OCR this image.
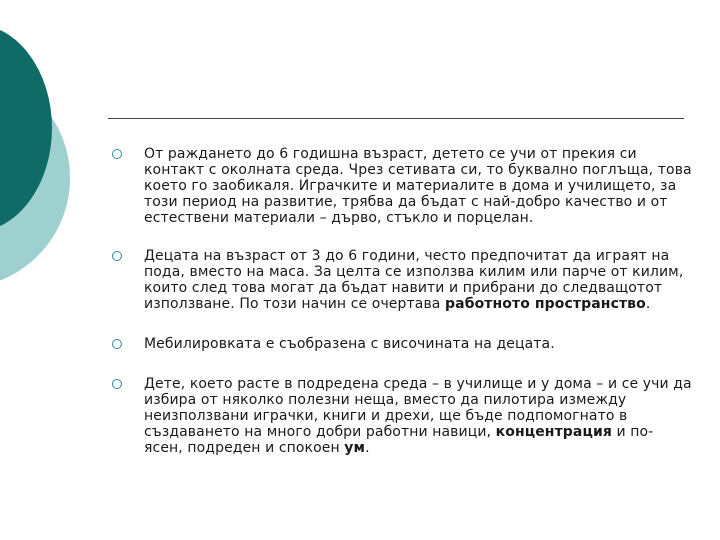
От раждането до 6 годишна възраст, детето се учи от прекия си контакт с околната среда. Чрез сетивата си, то буквално поглъща, това което го заобикаля. Играчките и материалите в дома и училището, за този период на развитие, трябва да бъдат с най-добро качество и от естествени материали – дърво, стъкло и порцелан.
Децата на възраст от 3 до 6 години, често предпочитат да играят на пода, вместо на маса. За целта се използва килим или парче от килим, които след това могат да бъдат навити и прибрани до следващотот използване. По този начин се очертава работното пространство.
Мебилировката е съобразена с височината на децата.
Дете, което расте в подредена среда – в училище и у дома – и се учи да избира от няколко полезни неща, вместо да пилотира измежду неизползвани играчки, книги и дрехи, ще бъде подпомогнато в създаването на много добри работни навици, концентрация и по-ясен, подреден и спокоен ум.
